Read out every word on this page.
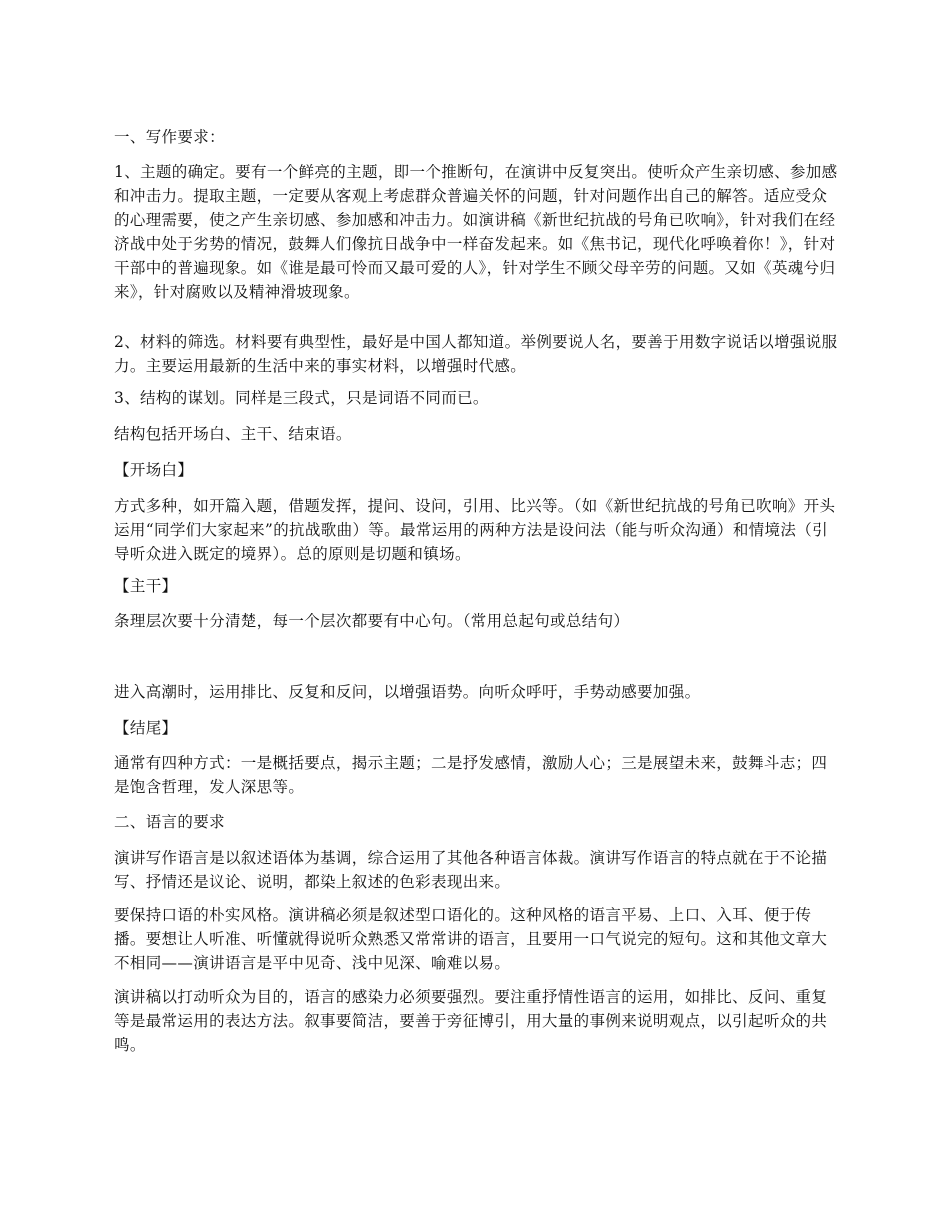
一、写作要求：

1、主题的确定。要有一个鲜亮的主题，即一个推断句，在演讲中反复突出。使听众产生亲切感、参加感和冲击力。提取主题，一定要从客观上考虑群众普遍关怀的问题，针对问题作出自己的解答。适应受众的心理需要，使之产生亲切感、参加感和冲击力。如演讲稿《新世纪抗战的号角已吹响》，针对我们在经济战中处于劣势的情况，鼓舞人们像抗日战争中一样奋发起来。如《焦书记，现代化呼唤着你！》，针对干部中的普遍现象。如《谁是最可怜而又最可爱的人》，针对学生不顾父母辛劳的问题。又如《英魂兮归来》，针对腐败以及精神滑坡现象。

2、材料的筛选。材料要有典型性，最好是中国人都知道。举例要说人名，要善于用数字说话以增强说服力。主要运用最新的生活中来的事实材料，以增强时代感。

3、结构的谋划。同样是三段式，只是词语不同而已。

结构包括开场白、主干、结束语。

【开场白】

方式多种，如开篇入题，借题发挥，提问、设问，引用、比兴等。（如《新世纪抗战的号角已吹响》开头运用“同学们大家起来”的抗战歌曲）等。最常运用的两种方法是设问法（能与听众沟通）和情境法（引导听众进入既定的境界）。总的原则是切题和镇场。

【主干】

条理层次要十分清楚，每一个层次都要有中心句。（常用总起句或总结句）

进入高潮时，运用排比、反复和反问，以增强语势。向听众呼吁，手势动感要加强。

【结尾】

通常有四种方式：一是概括要点，揭示主题；二是抒发感情，激励人心；三是展望未来，鼓舞斗志；四是饱含哲理，发人深思等。

二、语言的要求

演讲写作语言是以叙述语体为基调，综合运用了其他各种语言体裁。演讲写作语言的特点就在于不论描写、抒情还是议论、说明，都染上叙述的色彩表现出来。

要保持口语的朴实风格。演讲稿必须是叙述型口语化的。这种风格的语言平易、上口、入耳、便于传播。要想让人听准、听懂就得说听众熟悉又常常讲的语言，且要用一口气说完的短句。这和其他文章大不相同——演讲语言是平中见奇、浅中见深、喻难以易。

演讲稿以打动听众为目的，语言的感染力必须要强烈。要注重抒情性语言的运用，如排比、反问、重复等是最常运用的表达方法。叙事要简洁，要善于旁征博引，用大量的事例来说明观点，以引起听众的共鸣。
